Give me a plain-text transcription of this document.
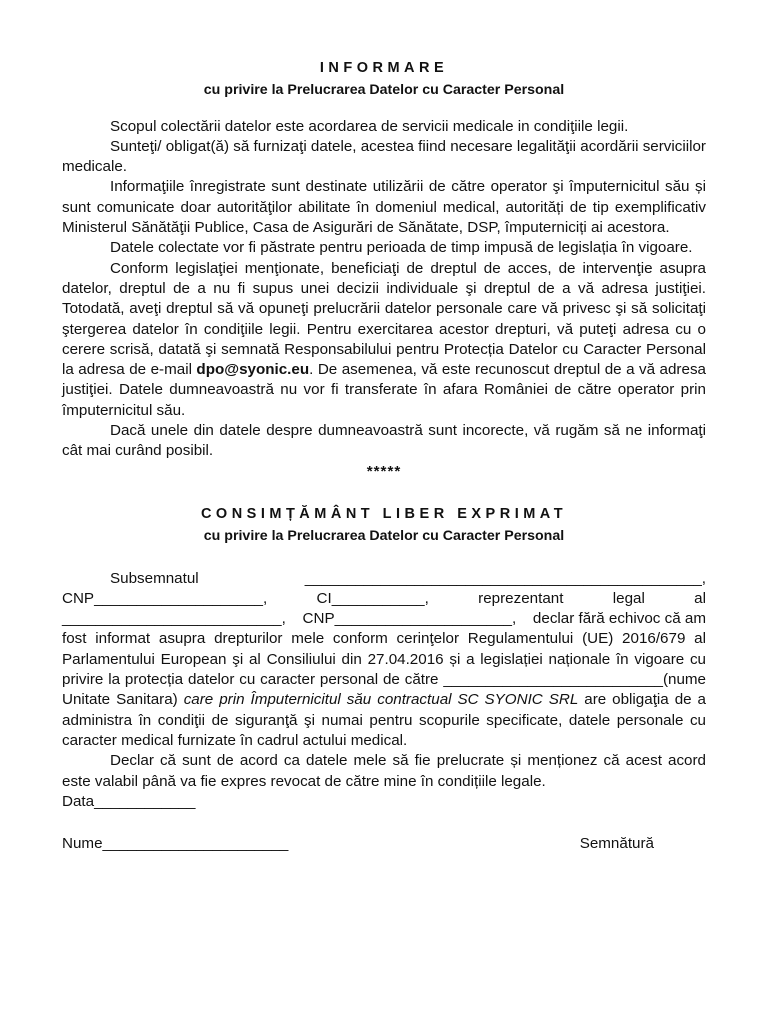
INFORMARE

cu privire la Prelucrarea Datelor cu Caracter Personal

Scopul colectării datelor este acordarea de servicii medicale in condiţiile legii.

Sunteţi/ obligat(ă) să furnizaţi datele, acestea fiind necesare legalităţii acordării serviciilor medicale.

Informaţiile înregistrate sunt destinate utilizării de către operator şi împuternicitul său și sunt comunicate doar autorităţilor abilitate în domeniul medical, autorități de tip exemplificativ Ministerul Sănătăţii Publice, Casa de Asigurări de Sănătate, DSP, împuterniciți ai acestora.

Datele colectate vor fi păstrate pentru perioada de timp impusă de legislația în vigoare.

Conform legislaţiei menţionate, beneficiaţi de dreptul de acces, de intervenţie asupra datelor, dreptul de a nu fi supus unei decizii individuale şi dreptul de a vă adresa justiţiei. Totodată, aveţi dreptul să vă opuneţi prelucrării datelor personale care vă privesc şi să solicitaţi ştergerea datelor în condiţiile legii. Pentru exercitarea acestor drepturi, vă puteţi adresa cu o cerere scrisă, datată şi semnată Responsabilului pentru Protecția Datelor cu Caracter Personal la adresa de e-mail dpo@syonic.eu. De asemenea, vă este recunoscut dreptul de a vă adresa justiţiei. Datele dumneavoastră nu vor fi transferate în afara României de către operator prin împuternicitul său.

Dacă unele din datele despre dumneavoastră sunt incorecte, vă rugăm să ne informaţi cât mai curând posibil.

*****

CONSIMȚĂMÂNT LIBER EXPRIMAT

cu privire la Prelucrarea Datelor cu Caracter Personal

Subsemnatul	_______________________________________________,

CNP____________________,	CI___________,	reprezentant	legal	al

__________________________, CNP_____________________, declar fără echivoc că am

fost informat asupra drepturilor mele conform cerinţelor Regulamentului (UE) 2016/679 al Parlamentului European şi al Consiliului din 27.04.2016 și a legislației naționale în vigoare cu privire la protecția datelor cu caracter personal de către __________________________(nume Unitate Sanitara) care prin Împuternicitul său contractual SC SYONIC SRL are obligaţia de a administra în condiţii de siguranţă şi numai pentru scopurile specificate, datele personale cu caracter medical furnizate în cadrul actului medical.

Declar că sunt de acord ca datele mele să fie prelucrate și menționez că acest acord este valabil până va fie expres revocat de către mine în condițiile legale.

Data____________

Nume______________________	Semnătură
